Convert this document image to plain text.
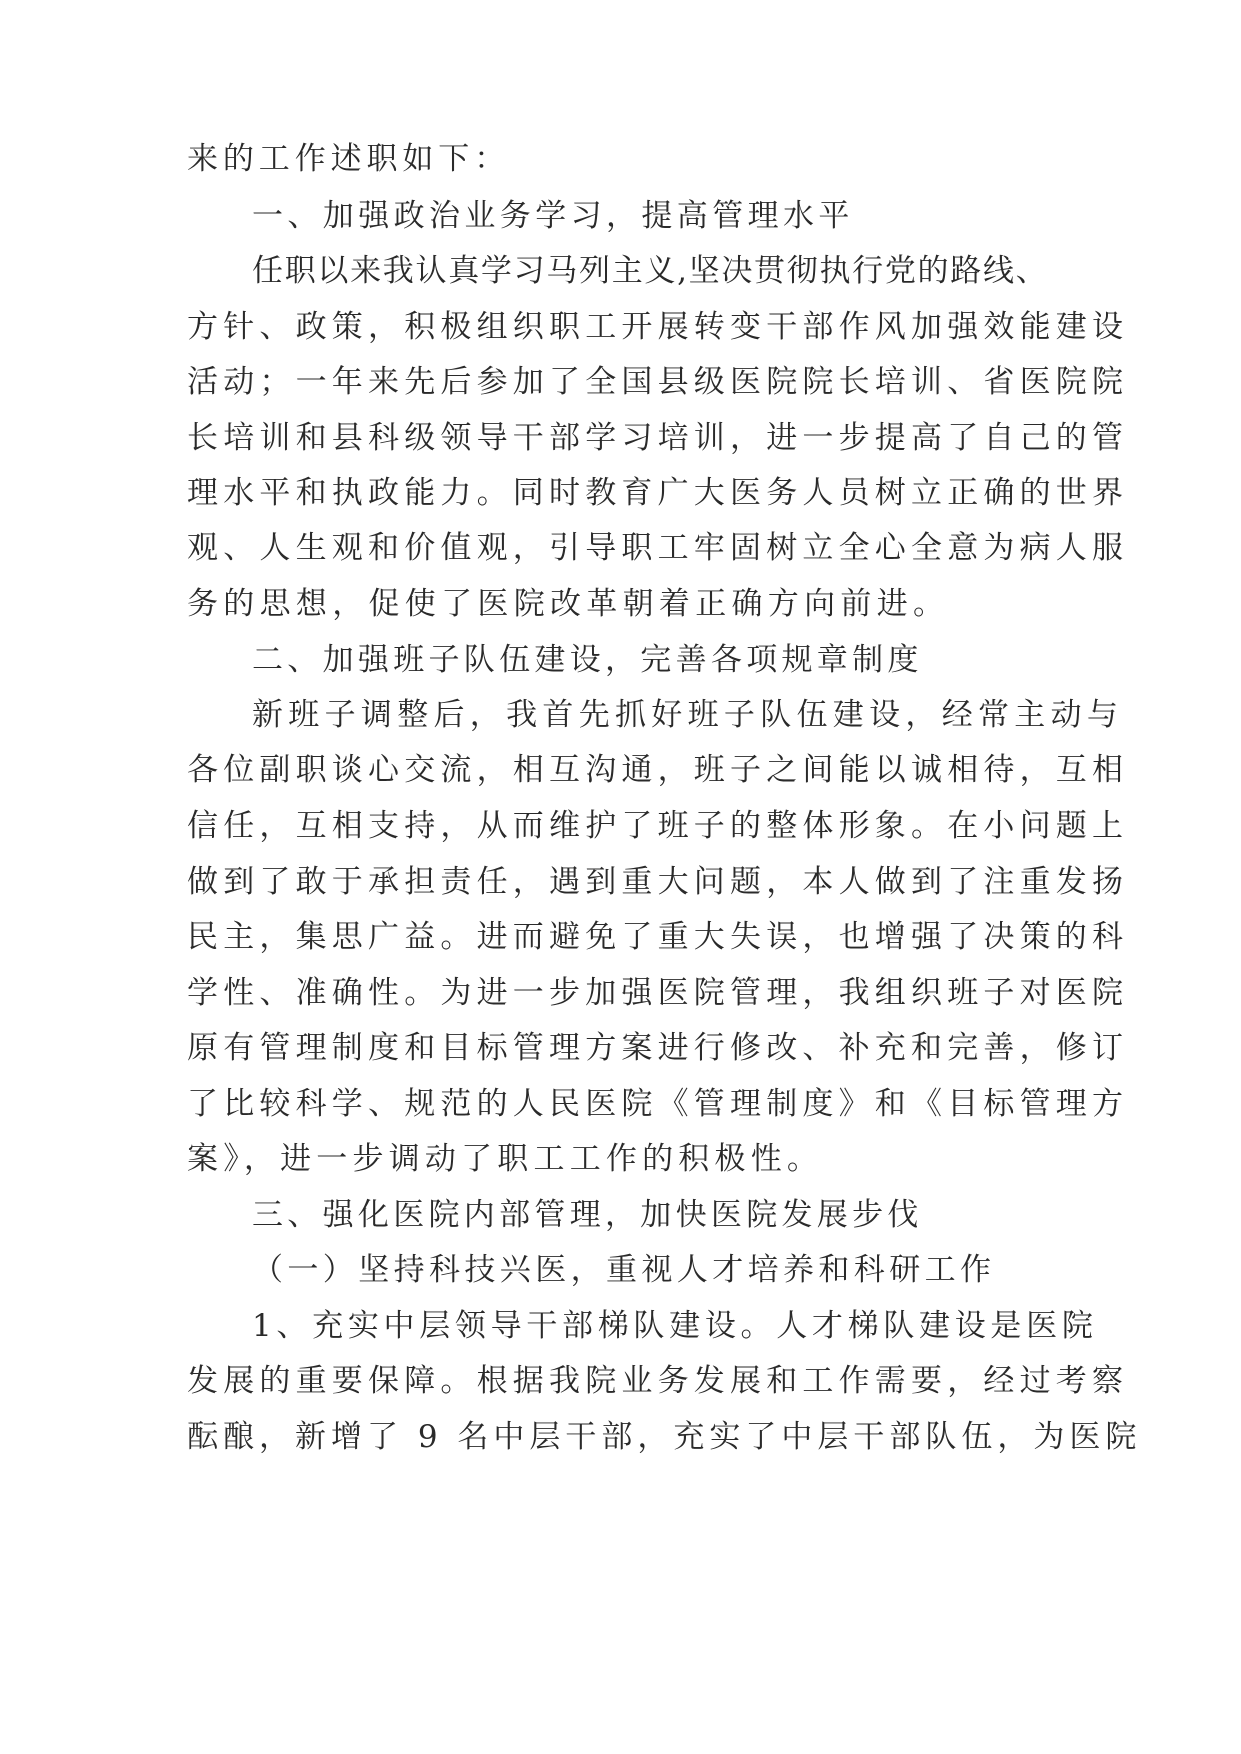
来的工作述职如下：
一、加强政治业务学习，提高管理水平
任职以来我认真学习马列主义,坚决贯彻执行党的路线、
方针、政策，积极组织职工开展转变干部作风加强效能建设
活动；一年来先后参加了全国县级医院院长培训、省医院院
长培训和县科级领导干部学习培训，进一步提高了自己的管
理水平和执政能力。同时教育广大医务人员树立正确的世界
观、人生观和价值观，引导职工牢固树立全心全意为病人服
务的思想，促使了医院改革朝着正确方向前进。
二、加强班子队伍建设，完善各项规章制度
新班子调整后，我首先抓好班子队伍建设，经常主动与
各位副职谈心交流，相互沟通，班子之间能以诚相待，互相
信任，互相支持，从而维护了班子的整体形象。在小问题上
做到了敢于承担责任，遇到重大问题，本人做到了注重发扬
民主，集思广益。进而避免了重大失误，也增强了决策的科
学性、准确性。为进一步加强医院管理，我组织班子对医院
原有管理制度和目标管理方案进行修改、补充和完善，修订
了比较科学、规范的人民医院《管理制度》和《目标管理方
案》，进一步调动了职工工作的积极性。
三、强化医院内部管理，加快医院发展步伐
（一）坚持科技兴医，重视人才培养和科研工作
1、充实中层领导干部梯队建设。人才梯队建设是医院
发展的重要保障。根据我院业务发展和工作需要，经过考察
酝酿，新增了 9 名中层干部，充实了中层干部队伍，为医院
